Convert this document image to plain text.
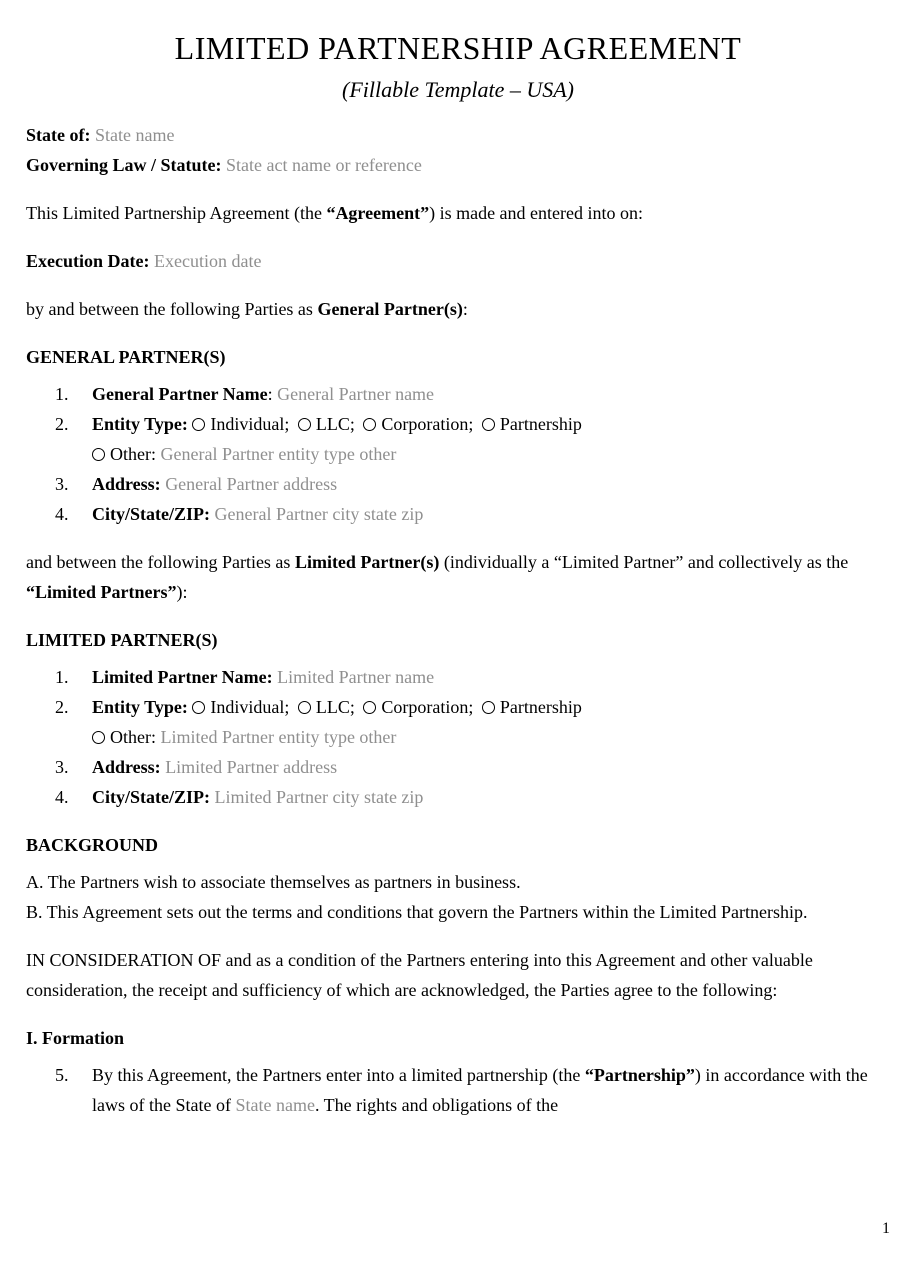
LIMITED PARTNERSHIP AGREEMENT
(Fillable Template – USA)
State of: State name
Governing Law / Statute: State act name or reference

This Limited Partnership Agreement (the “Agreement”) is made and entered into on:

Execution Date: Execution date

by and between the following Parties as General Partner(s):

GENERAL PARTNER(S)
1.	General Partner Name: General Partner name
2.	Entity Type: Individual; LLC; Corporation; Partnership
Other: General Partner entity type other
3.	Address: General Partner address
4.	City/State/ZIP: General Partner city state zip

and between the following Parties as Limited Partner(s) (individually a “Limited Partner” and collectively as the “Limited Partners”):

LIMITED PARTNER(S)
1.	Limited Partner Name: Limited Partner name
2.	Entity Type: Individual; LLC; Corporation; Partnership
Other: Limited Partner entity type other
3.	Address: Limited Partner address
4.	City/State/ZIP: Limited Partner city state zip
BACKGROUND
A. The Partners wish to associate themselves as partners in business.
B. This Agreement sets out the terms and conditions that govern the Partners within the Limited Partnership.

IN CONSIDERATION OF and as a condition of the Partners entering into this Agreement and other valuable consideration, the receipt and sufficiency of which are acknowledged, the Parties agree to the following:

I. Formation
5.	By this Agreement, the Partners enter into a limited partnership (the “Partnership”) in accordance with the laws of the State of State name. The rights and obligations of the
1
